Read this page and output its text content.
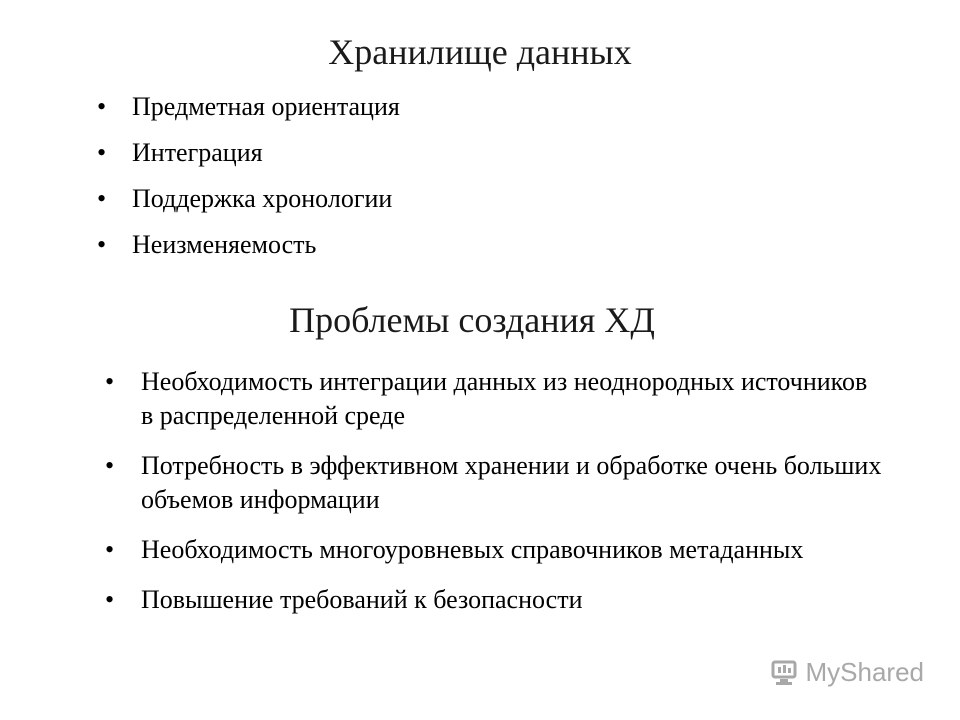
Хранилище данных
• Предметная ориентация
• Интеграция
• Поддержка хронологии
• Неизменяемость
Проблемы создания ХД
•	Необходимость интеграции данных из неоднородных источников в распределенной среде
•	Потребность в эффективном хранении и обработке очень больших объемов информации
•	Необходимость многоуровневых справочников метаданных
•	Повышение требований к безопасности
MyShared
